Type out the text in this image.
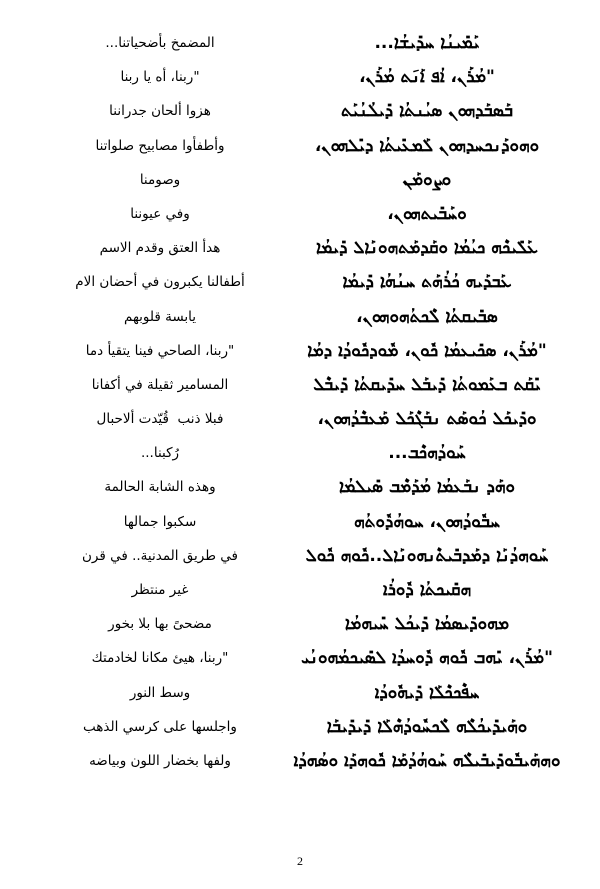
ܝܰܡܺܝܢܳܐ ܚܕܺܝܫܳܐ...
"ܡܳܪܰܢ، ܐܳܦ ܐܰܢ݇ܬ ܡܳܪܰܢ،
ܒܰܣܒܰܕܗܘܢ ܣܝܳܢܬܳܐ ܕܺܝܠܳܢܳܝܰܬ
ܘܗܘܕܰܢܟܚܕܗܘܢ ܠܰܡܥܺܝܬܳܐ ܕܝܺܠܗܘܢ،
ܘܨܘܡܰܢ
ܘܚܰܒܺܝܬܗܘܢ،
ܥܰܠܺܝܟܶܗ ܟܝܳܡܳܐ ܘܩܰܕܡܰܬܗܘܢܰܐܠ ܕܺܝܡܳܐ
ܥܰܒܕܰܝܗ ܟܳܪܳܗܰܬ ܚܢܳܗܳܐ ܕܺܝܡܳܐ
ܣܒܺܝܩܬܳܐ ܠܶܟܬܳܗܘܗܘܢ،
"ܡܳܪܰܢ، ܣܟܺܝܥܡܳܐ ܟܽܘܢ، ܡܽܘܕܟܽܘܕܳܐ ܕܡܳܐ
ܝܺܩܰܬ ܒܥܰܡܘܬܳܐ ܕܺܝܒܰܠ ܚܕܺܝܩܬܳܐ ܕܺܝܒܶܠ
ܘܕܺܝܟܰܠ ܟܳܘܣܰܬ ܢܒܰܓܶܟܰܠ ܡܰܥܒܶܕܳܗܘܢ،
ܚܰܘܕܳܗܟܶܒ...
ܘܗܰܕ ܢܒܰܥܡܳܐ ܡܳܕܰܡܶܒ ܣܺܝܠܡܳܐ
ܚܒܽܘܕܳܗܘܢ، ܚܘܗܳܕܽܘܬܳܗ
ܚܰܘܗܕܳܢܰܐ ܕܡܰܕܒܺܝܬܶܢܗܘܢܰܐܠ..ܟܽܘܗ ܟܽܘܠ
ܗܩܺܝܟܬܳܐ ܕܽܘܪܳܐ
ܡܗܘܕܺܝܣܡܳܐ ܕܺܝܟܳܠ ܚܺܝܗܡܳܐ
"ܡܳܪܰܢ، ܝܺܗܒ ܟܽܘܗ ܕܽܘܚܕܳܐ ܠܣܺܝܟܡܳܗܘܢܳܝ
ܚܦܶܟܟܶܠܰܐ ܕܺܝܗܽܘܕܳܐ
ܘܗܰܝܕܺܝܟܳܠܶܗ ܠܶܟܚܽܘܕܳܗܶܠܰܐ ܕܺܝܕܺܝܒܰܐ
ܘܗܗܰܝܒܽܘܕܺܝܒܺܝܠܶܗ ܚܰܘܗܳܕܳܡܰܐ ܟܽܘܗܕܰܐ ܘܣܳܗܕܳܐ
المضمخ بأضحياتنا...
"ربنا، أه يا ربنا
هزوا ألحان جدراننا
وأطفأوا مصابيح صلواتنا
وصومنا
وفي عيوننا
هدأ العتق وقدم الاسم
أطفالنا يكبرون في أحضان الام
يابسة قلوبهم
"ربنا، الصاحي فينا يتقيأ دما
المسامير ثقيلة في أكفانا
فبلا ذنب  قُيّدت ألاحبال
رُكبنا...
وهذه الشابة الحالمة
سكبوا جمالها
في طريق المدنية.. في قرن
غير منتظر
مضحىً بها بلا بخور
"ربنا، هيئ مكانا لخادمتك
وسط النور
واجلسها على كرسي الذهب
ولفها بخضار اللون وبياضه
2
